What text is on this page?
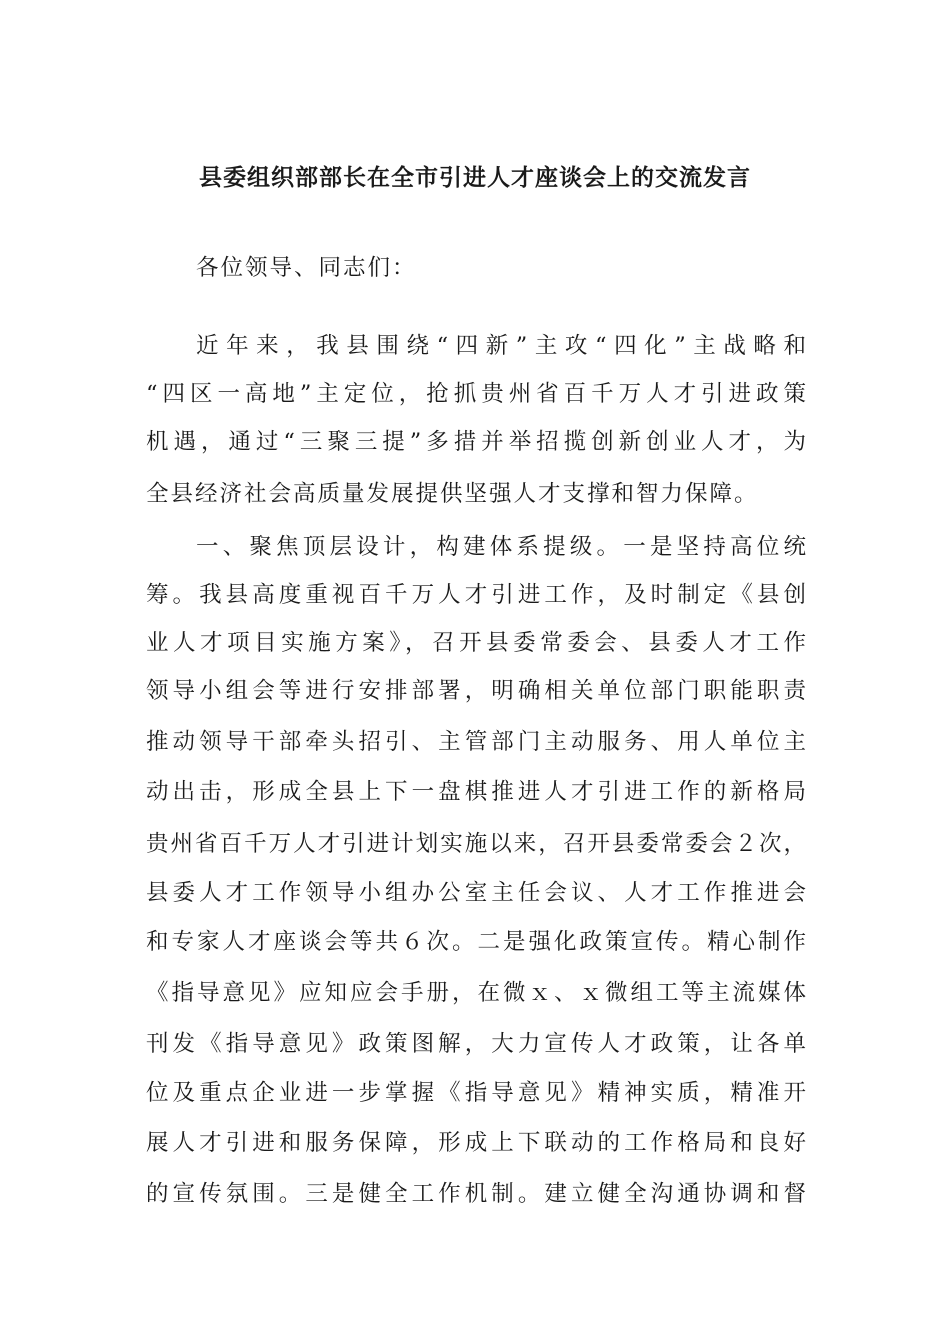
县委组织部部长在全市引进人才座谈会上的交流发言
各位领导、同志们：
近年来，我县围绕“四新”主攻“四化”主战略和
“四区一高地”主定位，抢抓贵州省百千万人才引进政策
机遇，通过“三聚三提”多措并举招揽创新创业人才，为
全县经济社会高质量发展提供坚强人才支撑和智力保障。
一、聚焦顶层设计，构建体系提级。一是坚持高位统
筹。我县高度重视百千万人才引进工作，及时制定《县创
业人才项目实施方案》，召开县委常委会、县委人才工作
领导小组会等进行安排部署，明确相关单位部门职能职责
推动领导干部牵头招引、主管部门主动服务、用人单位主
动出击，形成全县上下一盘棋推进人才引进工作的新格局
贵州省百千万人才引进计划实施以来，召开县委常委会２次，
县委人才工作领导小组办公室主任会议、人才工作推进会
和专家人才座谈会等共６次。二是强化政策宣传。精心制作
《指导意见》应知应会手册，在微ｘ、ｘ微组工等主流媒体
刊发《指导意见》政策图解，大力宣传人才政策，让各单
位及重点企业进一步掌握《指导意见》精神实质，精准开
展人才引进和服务保障，形成上下联动的工作格局和良好
的宣传氛围。三是健全工作机制。建立健全沟通协调和督
